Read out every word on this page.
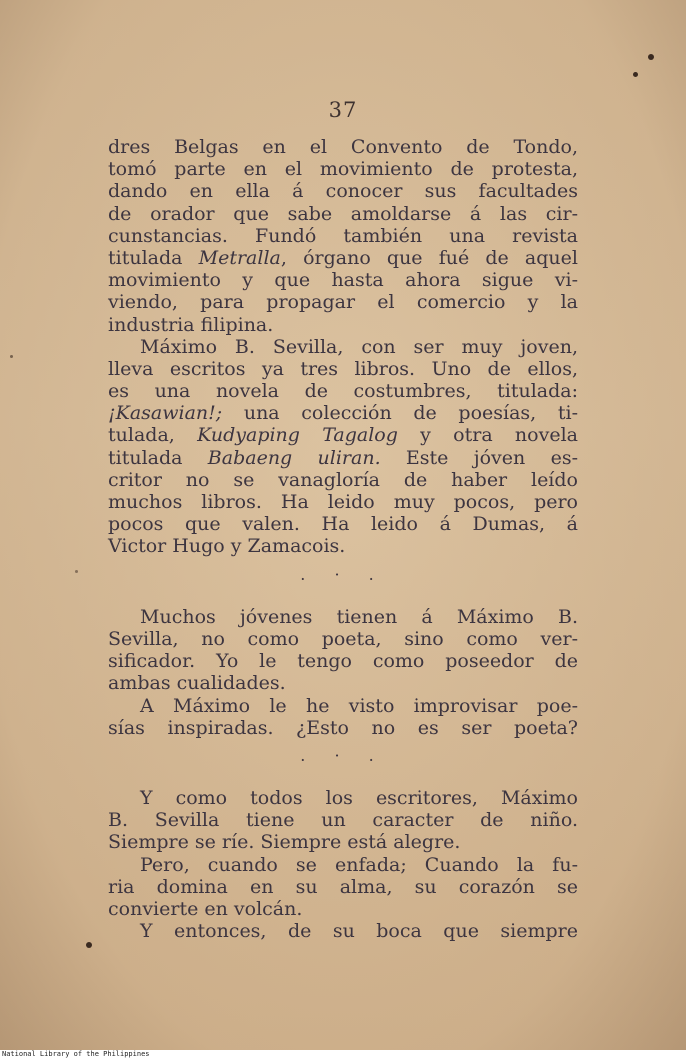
37
dres Belgas en el Convento de Tondo,
tomó parte en el movimiento de protesta,
dando en ella á conocer sus facultades
de orador que sabe amoldarse á las cir-
cunstancias. Fundó también una revista
titulada Metralla, órgano que fué de aquel
movimiento y que hasta ahora sigue vi-
viendo, para propagar el comercio y la
industria filipina.
Máximo B. Sevilla, con ser muy joven,
lleva escritos ya tres libros. Uno de ellos,
es una novela de costumbres, titulada:
¡Kasawian!; una colección de poesías, ti-
tulada, Kudyaping Tagalog y otra novela
titulada Babaeng uliran. Este jóven es-
critor no se vanagloría de haber leído
muchos libros. Ha leido muy pocos, pero
pocos que valen. Ha leido á Dumas, á
Victor Hugo y Zamacois.
. · .
Muchos jóvenes tienen á Máximo B.
Sevilla, no como poeta, sino como ver-
sificador. Yo le tengo como poseedor de
ambas cualidades.
A Máximo le he visto improvisar poe-
sías inspiradas. ¿Esto no es ser poeta?
. · .
Y como todos los escritores, Máximo
B. Sevilla tiene un caracter de niño.
Siempre se ríe. Siempre está alegre.
Pero, cuando se enfada; Cuando la fu-
ria domina en su alma, su corazón se
convierte en volcán.
Y entonces, de su boca que siempre
National Library of the Philippines
